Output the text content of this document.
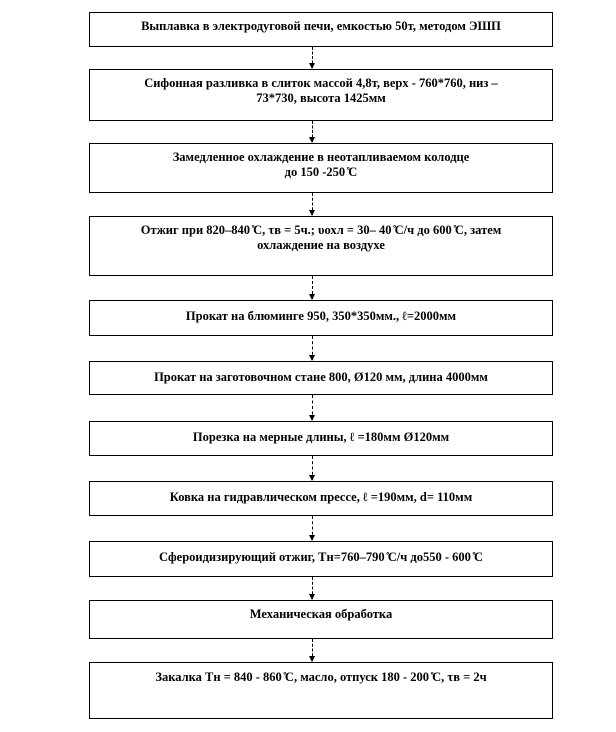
Выплавка в электродуговой печи, емкостью 50т, методом ЭШП
Сифонная разливка в слиток массой 4,8т, верх - 760*760, низ –
73*730, высота 1425мм
Замедленное охлаждение в неотапливаемом колодце
до 150 -250 ̊С
Отжиг при 820–840 ̊С, τв = 5ч.; υохл = 30– 40 ̊С/ч до 600 ̊С, затем
охлаждение на воздухе
Прокат на блюминге 950, 350*350мм., ℓ=2000мм
Прокат на заготовочном стане 800, Ø120 мм, длина 4000мм
Порезка на мерные длины, ℓ =180мм Ø120мм
Ковка на гидравлическом прессе, ℓ =190мм, d= 110мм
Сфероидизирующий отжиг, Тн=760–790 ̊С/ч до550 - 600 ̊С
Механическая обработка
Закалка Тн = 840 - 860 ̊С, масло, отпуск 180 - 200 ̊С, τв = 2ч
